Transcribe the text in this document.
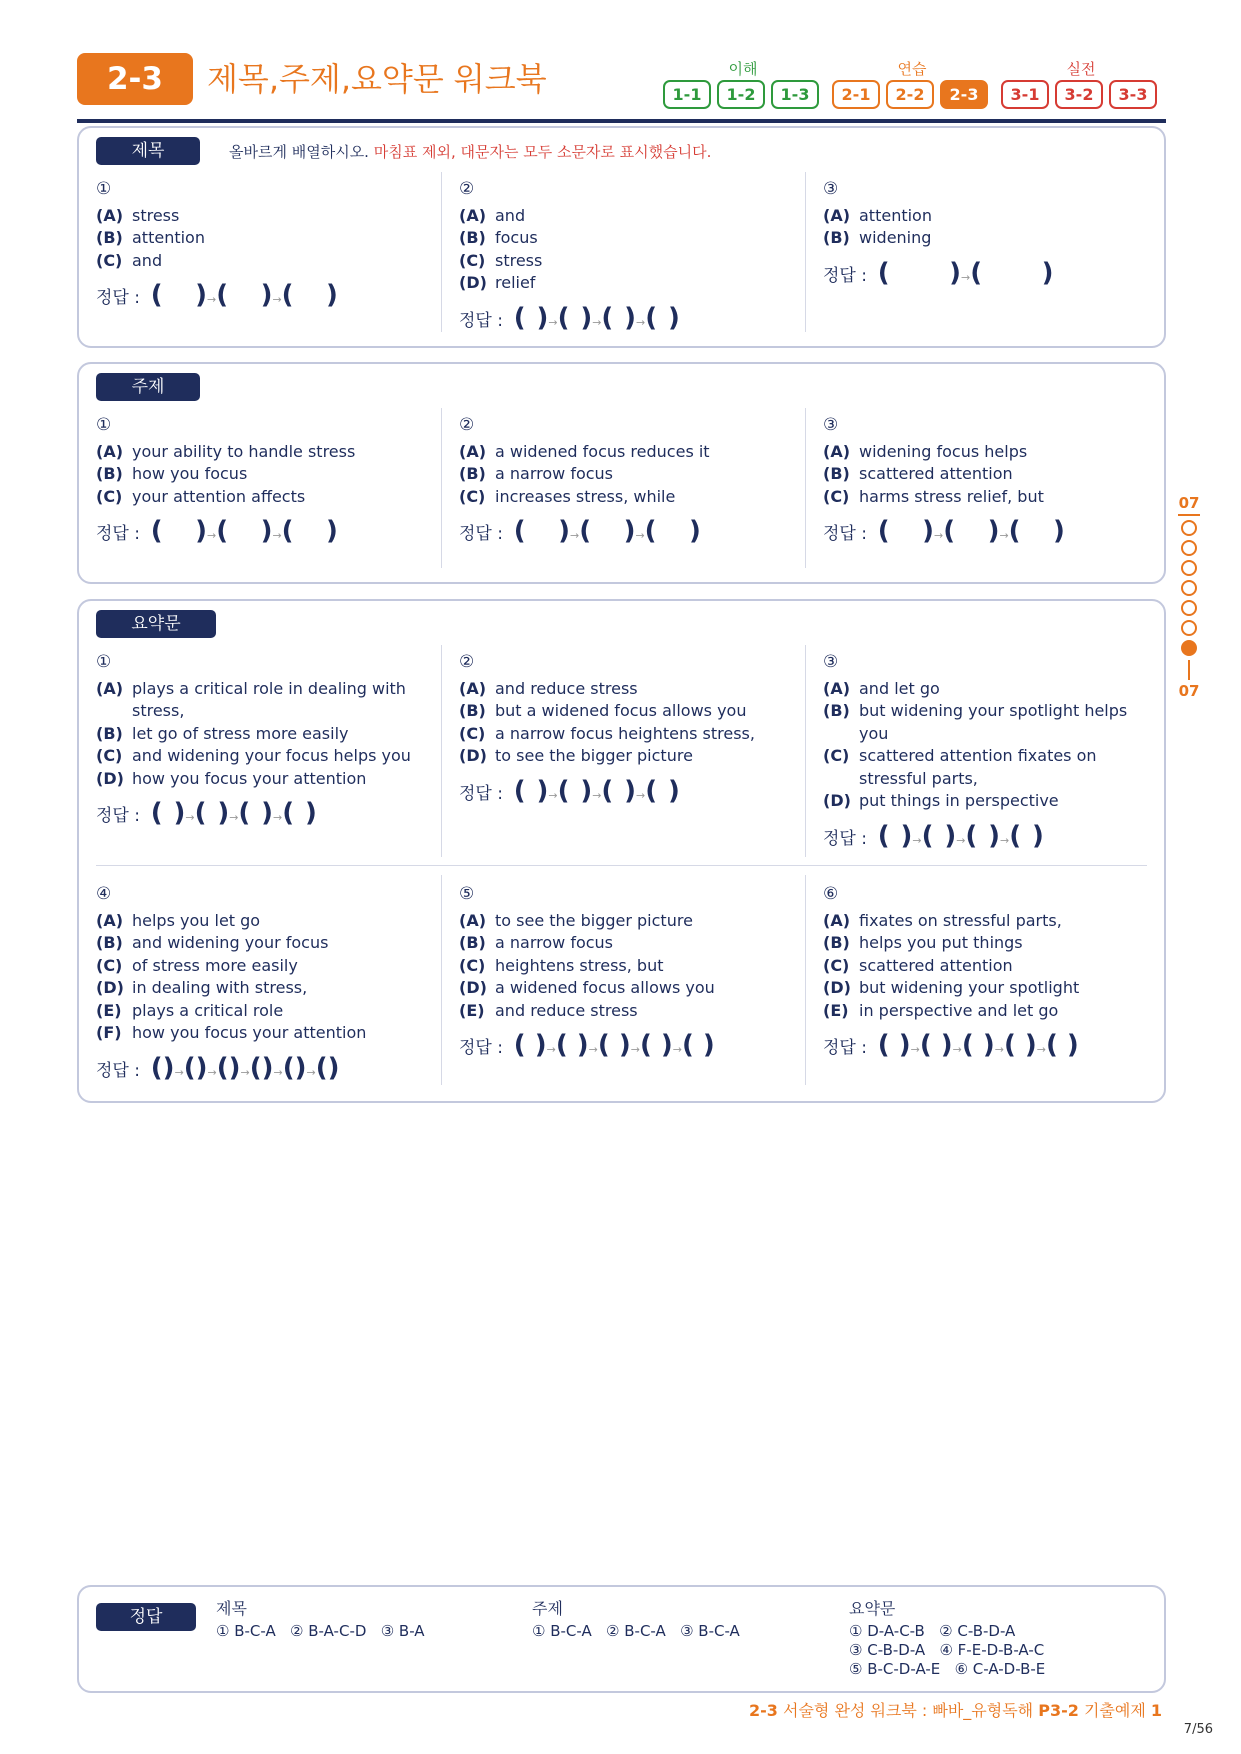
2-3	제목,주제,요약문 워크북	이해
1-1	1-2	1-3
연습
2-1	2-2	2-3
실전
3-1	3-2	3-3
제목	올바르게 배열하시오. 마침표 제외, 대문자는 모두 소문자로 표시했습니다.
①
(A) stress
(B) attention
(C) and
정답 : ( )→( )→( )
②
(A) and
(B) focus
(C) stress
(D) relief
정답 : ( )→( )→( )→( )
③
(A) attention
(B) widening
정답 : ( )→( )
주제
①
(A) your ability to handle stress
(B) how you focus
(C) your attention affects
정답 : ( )→( )→( )
②
(A) a widened focus reduces it
(B) a narrow focus
(C) increases stress, while
정답 : ( )→( )→( )
③
(A) widening focus helps
(B) scattered attention
(C) harms stress relief, but
정답 : ( )→( )→( )
요약문
①
(A) plays a critical role in dealing with stress,
(B) let go of stress more easily
(C) and widening your focus helps you
(D) how you focus your attention
정답 : ( )→( )→( )→( )
②
(A) and reduce stress
(B) but a widened focus allows you
(C) a narrow focus heightens stress,
(D) to see the bigger picture
정답 : ( )→( )→( )→( )
③
(A) and let go
(B) but widening your spotlight helps you
(C) scattered attention fixates on stressful parts,
(D) put things in perspective
정답 : ( )→( )→( )→( )
④
(A) helps you let go
(B) and widening your focus
(C) of stress more easily
(D) in dealing with stress,
(E) plays a critical role
(F) how you focus your attention
정답 : ()→()→()→()→()→()
⑤
(A) to see the bigger picture
(B) a narrow focus
(C) heightens stress, but
(D) a widened focus allows you
(E) and reduce stress
정답 : ( )→( )→( )→( )→( )
⑥
(A) fixates on stressful parts,
(B) helps you put things
(C) scattered attention
(D) but widening your spotlight
(E) in perspective and let go
정답 : ( )→( )→( )→( )→( )
07
07
정답	제목
① B-C-A   ② B-A-C-D   ③ B-A
주제
① B-C-A   ② B-C-A   ③ B-C-A
요약문
① D-A-C-B   ② C-B-D-A
③ C-B-D-A   ④ F-E-D-B-A-C
⑤ B-C-D-A-E   ⑥ C-A-D-B-E
2-3 서술형 완성 워크북 : 빠바_유형독해 P3-2 기출예제 1
7/56
